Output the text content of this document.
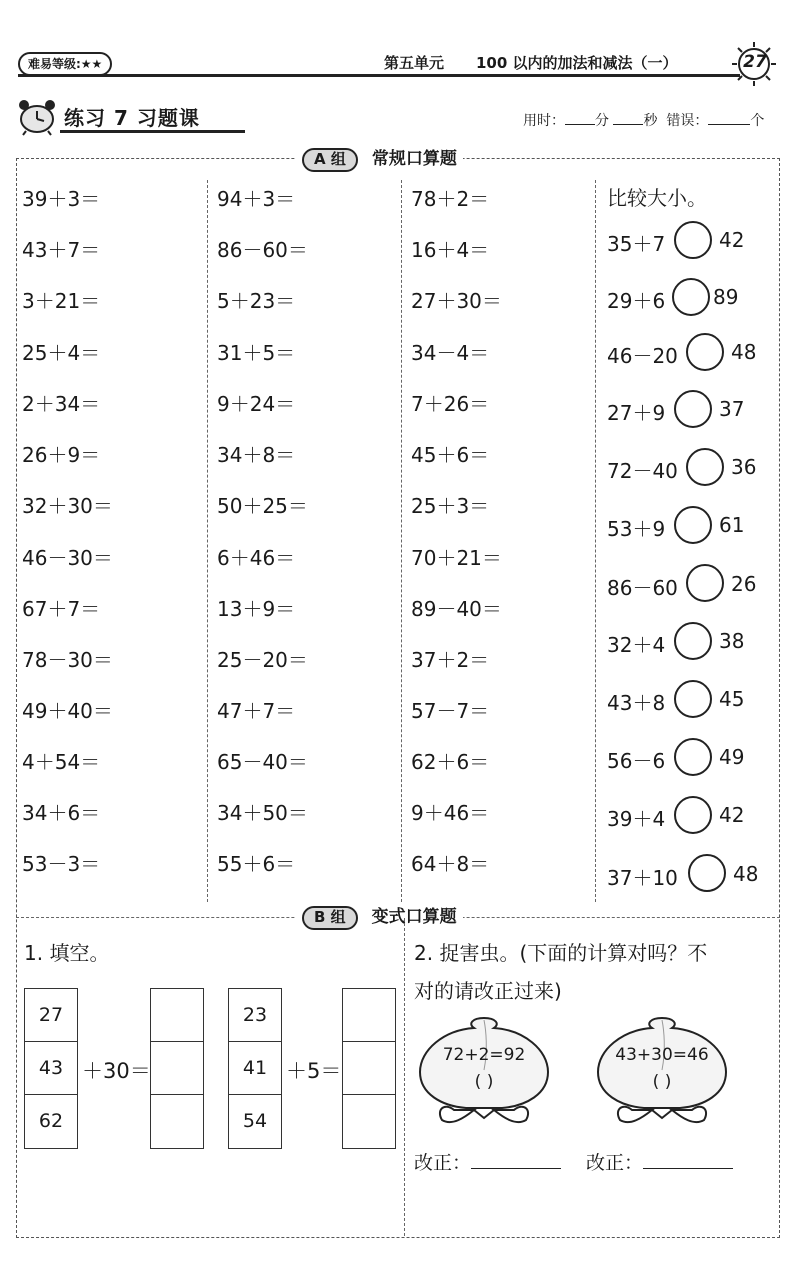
难易等级:★★	第五单元 100 以内的加法和减法（一）	27
练习 7 习题课	用时： 分 秒 错误：	个
A 组 常规口算题
39＋3＝
43＋7＝
3＋21＝
25＋4＝
2＋34＝
26＋9＝
32＋30＝
46－30＝
67＋7＝
78－30＝
49＋40＝
4＋54＝
34＋6＝
53－3＝
94＋3＝
86－60＝
5＋23＝
31＋5＝
9＋24＝
34＋8＝
50＋25＝
6＋46＝
13＋9＝
25－20＝
47＋7＝
65－40＝
34＋50＝
55＋6＝
78＋2＝
16＋4＝
27＋30＝
34－4＝
7＋26＝
45＋6＝
25＋3＝
70＋21＝
89－40＝
37＋2＝
57－7＝
62＋6＝
9＋46＝
64＋8＝
比较大小。
35＋7	42
29＋6	89
46－20	48
27＋9	37
72－40	36
53＋9	61
86－60	26
32＋4	38
43＋8	45
56－6	49
39＋4	42
37＋10	48
B 组 变式口算题
1. 填空。
27
43
62
＋30＝
23
41
54
＋5＝
2. 捉害虫。(下面的计算对吗？不
对的请改正过来)
72+2=92
( )
43+30=46
( )
改正：	改正：
